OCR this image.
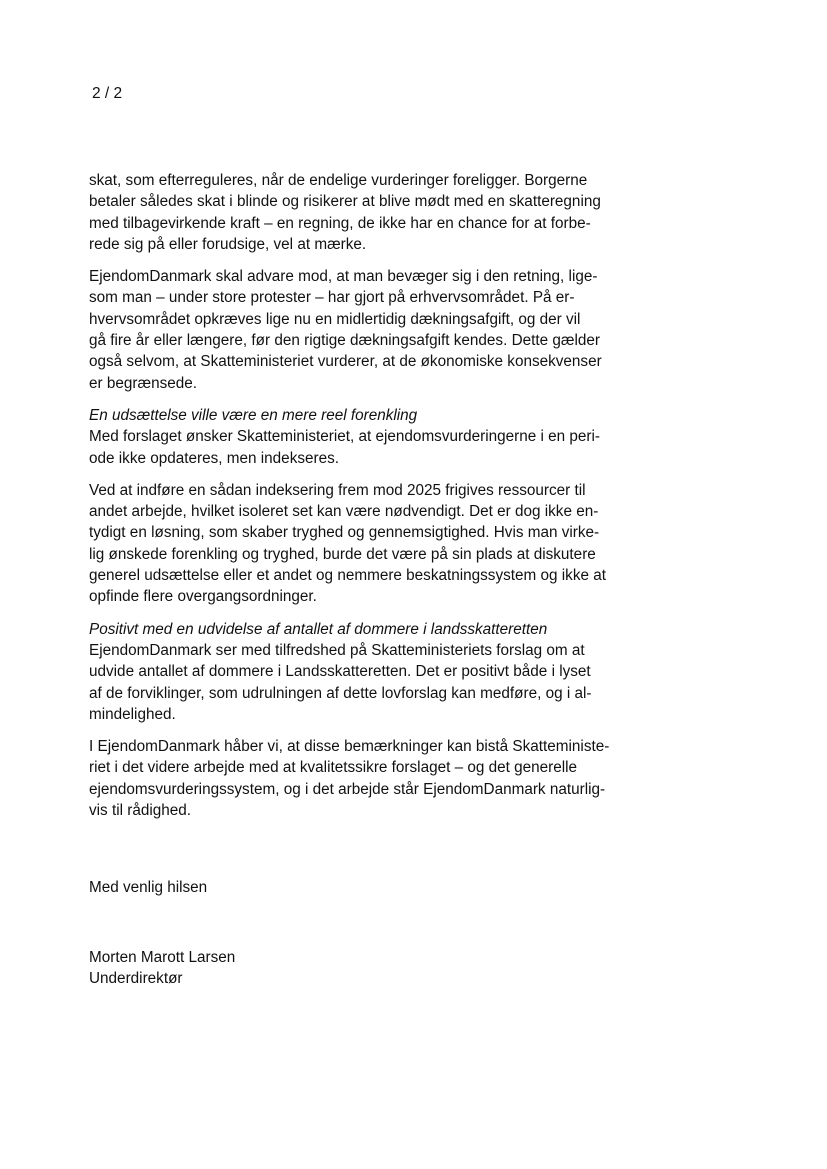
2 / 2

skat, som efterreguleres, når de endelige vurderinger foreligger. Borgerne
betaler således skat i blinde og risikerer at blive mødt med en skatteregning
med tilbagevirkende kraft – en regning, de ikke har en chance for at forbe-
rede sig på eller forudsige, vel at mærke.

EjendomDanmark skal advare mod, at man bevæger sig i den retning, lige-
som man – under store protester – har gjort på erhvervsområdet. På er-
hvervsområdet opkræves lige nu en midlertidig dækningsafgift, og der vil
gå fire år eller længere, før den rigtige dækningsafgift kendes. Dette gælder
også selvom, at Skatteministeriet vurderer, at de økonomiske konsekvenser
er begrænsede.

En udsættelse ville være en mere reel forenkling
Med forslaget ønsker Skatteministeriet, at ejendomsvurderingerne i en peri-
ode ikke opdateres, men indekseres.

Ved at indføre en sådan indeksering frem mod 2025 frigives ressourcer til
andet arbejde, hvilket isoleret set kan være nødvendigt. Det er dog ikke en-
tydigt en løsning, som skaber tryghed og gennemsigtighed. Hvis man virke-
lig ønskede forenkling og tryghed, burde det være på sin plads at diskutere
generel udsættelse eller et andet og nemmere beskatningssystem og ikke at
opfinde flere overgangsordninger.

Positivt med en udvidelse af antallet af dommere i landsskatteretten
EjendomDanmark ser med tilfredshed på Skatteministeriets forslag om at
udvide antallet af dommere i Landsskatteretten. Det er positivt både i lyset
af de forviklinger, som udrulningen af dette lovforslag kan medføre, og i al-
mindelighed.

I EjendomDanmark håber vi, at disse bemærkninger kan bistå Skatteministe-
riet i det videre arbejde med at kvalitetssikre forslaget – og det generelle
ejendomsvurderingssystem, og i det arbejde står EjendomDanmark naturlig-
vis til rådighed.

Med venlig hilsen

Morten Marott Larsen
Underdirektør
